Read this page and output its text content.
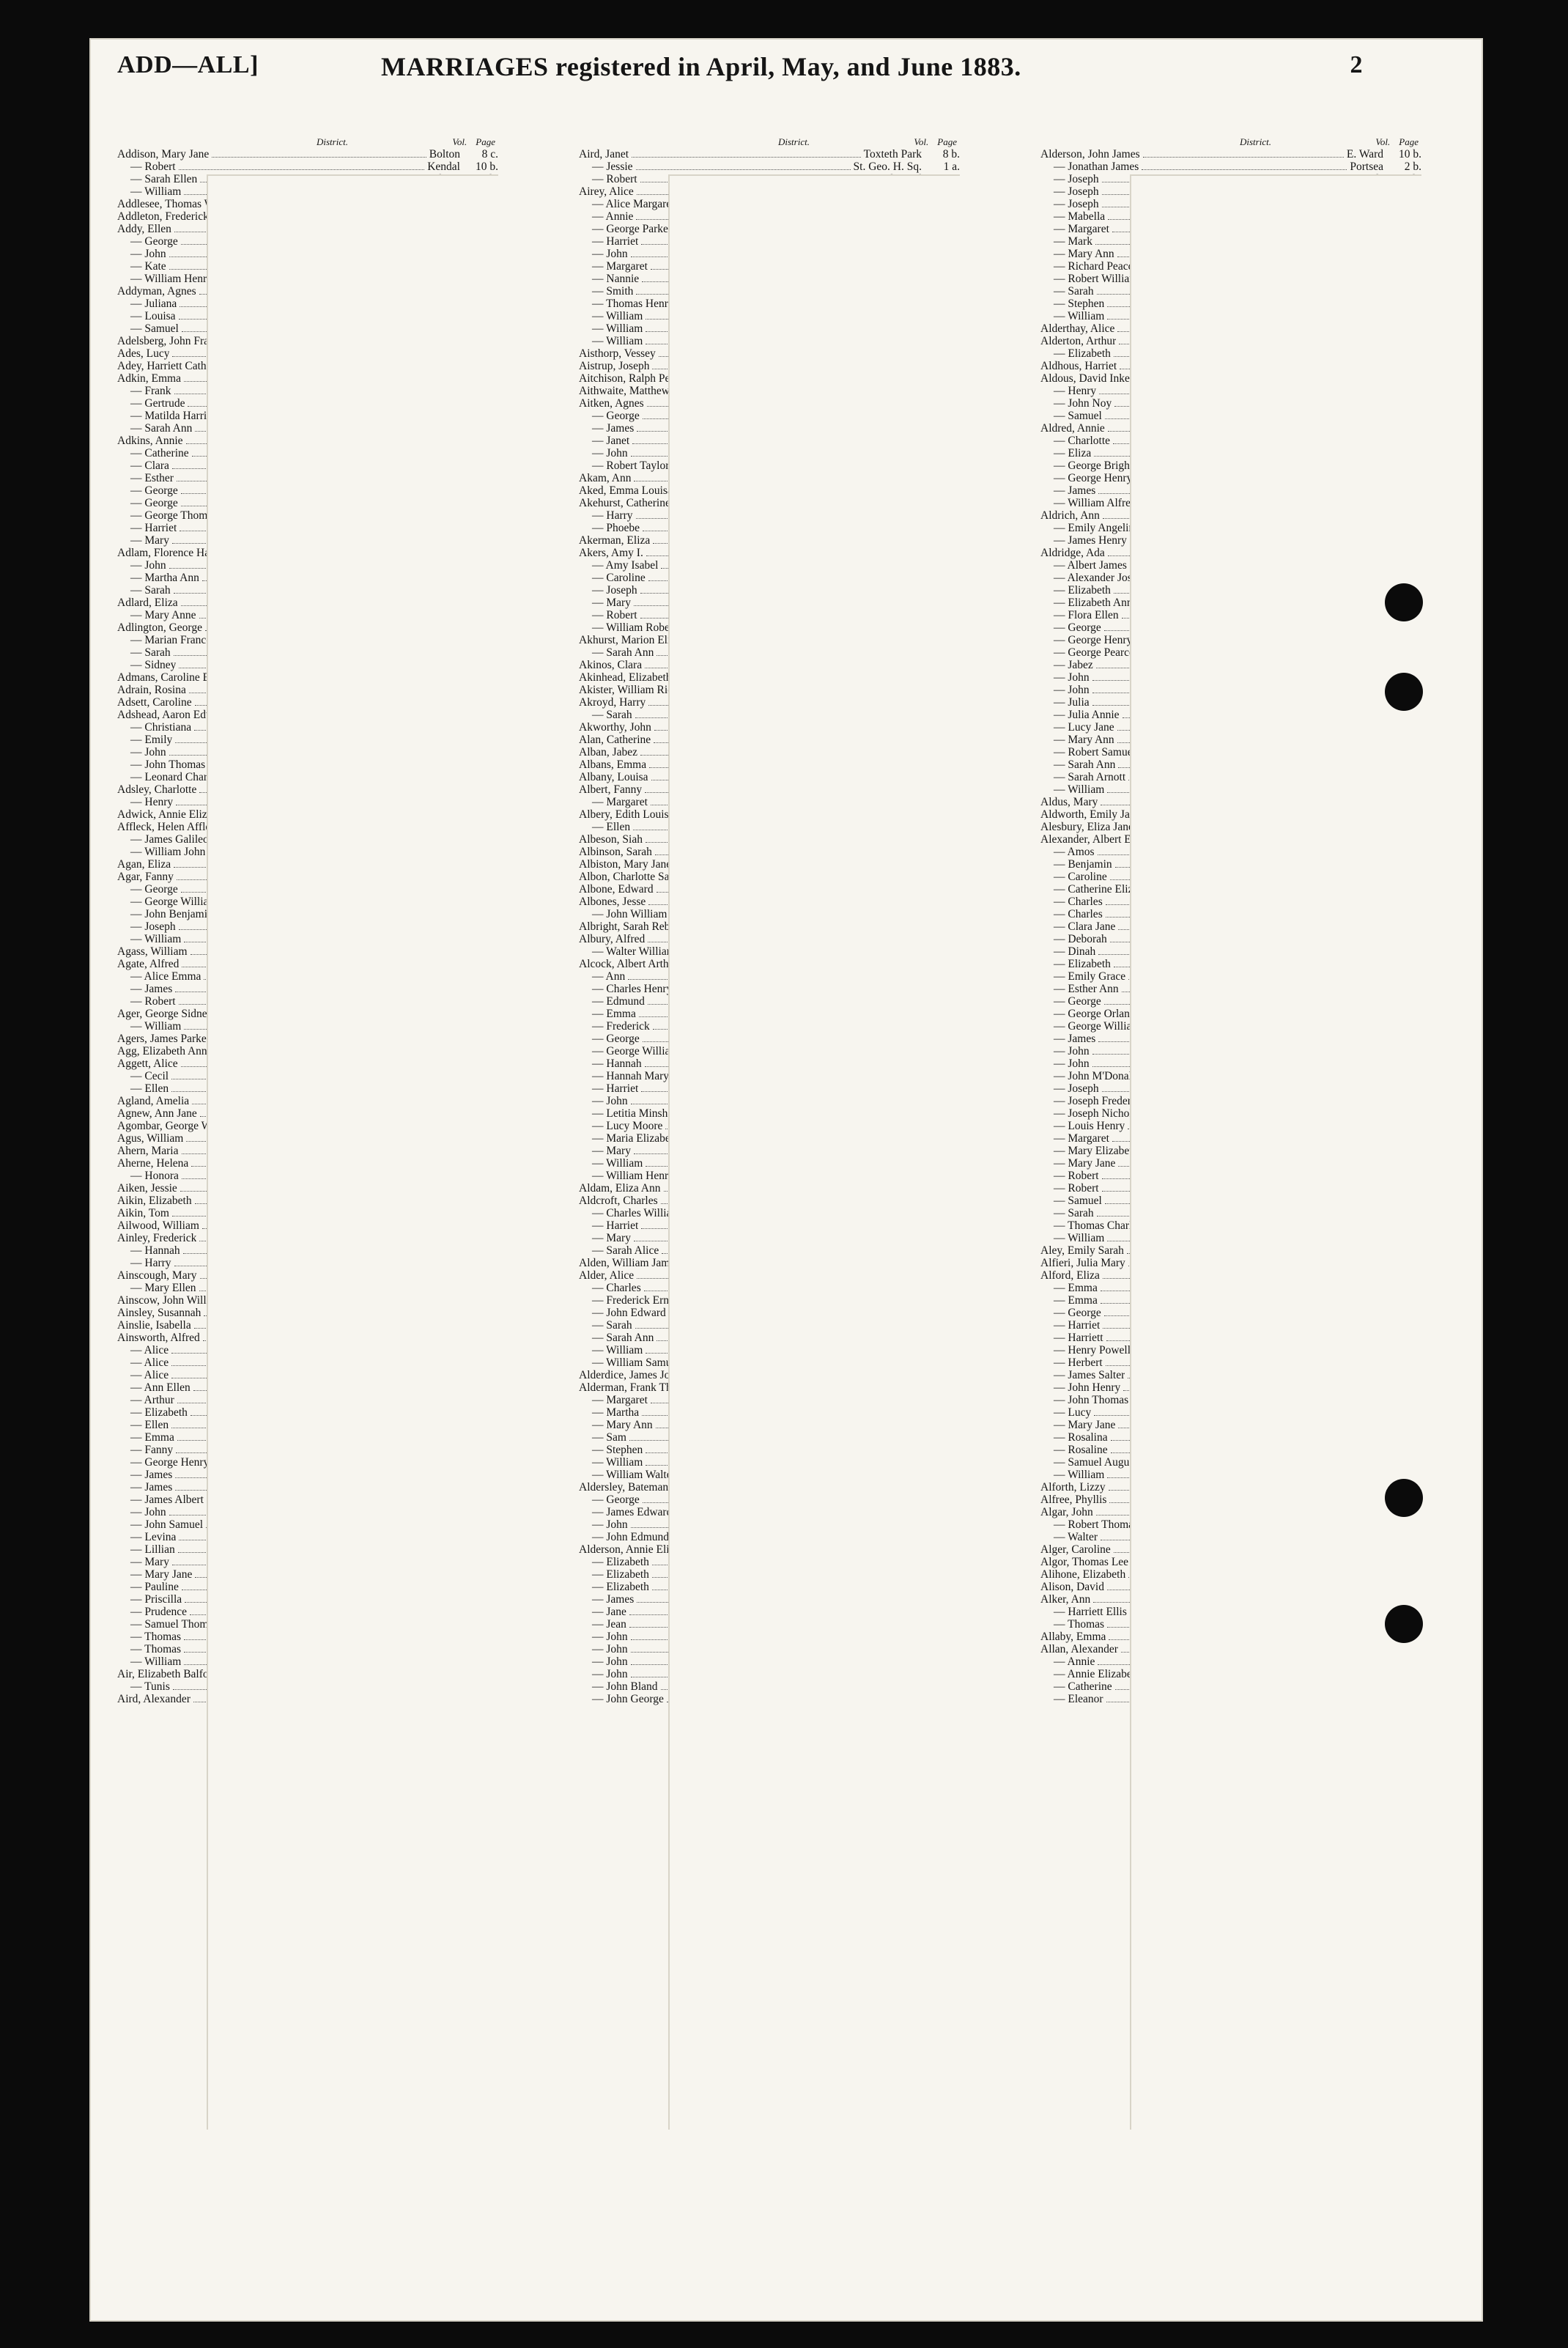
ADD—ALL]	MARRIAGES registered in April, May, and June 1883.	2
District.	Vol. Page
Addison, Mary Jane	Bolton	8 c.
— Robert	Kendal	10 b.
— Sarah Ellen
— William
Addlesee, Thomas William
Addleton, Frederick
Addy, Ellen
— George
— John
— Kate
— William Henry
Addyman, Agnes
— Juliana
— Louisa
— Samuel
Adelsberg, John Frank
Ades, Lucy
Adey, Harriett Catherine
Adkin, Emma
— Frank
— Gertrude
— Matilda Harriet
— Sarah Ann
Adkins, Annie
— Catherine
— Clara
— Esther
— George
— George
— George Thomas
— Harriet
— Mary
Adlam, Florence Harriette C.
— John
— Martha Ann
— Sarah
Adlard, Eliza
— Mary Anne
Adlington, George
— Marian Frances
— Sarah
— Sidney
Admans, Caroline Emily
Adrain, Rosina
Adsett, Caroline
Adshead, Aaron Edward
— Christiana
— Emily
— John
— John Thomas
— Leonard Charles
Adsley, Charlotte
— Henry
Adwick, Annie Elizabeth
Affleck, Helen Affleck
— James Galileo
— William John
Agan, Eliza
Agar, Fanny
— George
— George William
— John Benjamin
— Joseph
— William
Agass, William
Agate, Alfred
— Alice Emma
— James
— Robert
Ager, George Sidney
— William
Agers, James Parker
Agg, Elizabeth Annie
Aggett, Alice
— Cecil
— Ellen
Agland, Amelia
Agnew, Ann Jane
Agombar, George William
Agus, William
Ahern, Maria
Aherne, Helena
— Honora
Aiken, Jessie
Aikin, Elizabeth
Aikin, Tom
Ailwood, William
Ainley, Frederick
— Hannah
— Harry
Ainscough, Mary
— Mary Ellen
Ainscow, John William
Ainsley, Susannah
Ainslie, Isabella
Ainsworth, Alfred
— Alice
— Alice
— Alice
— Ann Ellen
— Arthur
— Elizabeth
— Ellen
— Emma
— Fanny
— George Henry
— James
— James
— James Albert
— John
— John Samuel
— Levina
— Lillian
— Mary
— Mary Jane
— Pauline
— Priscilla
— Prudence
— Samuel Thomas
— Thomas
— Thomas
— William
Air, Elizabeth Balfour
— Tunis
Aird, Alexander
District.	Vol. Page
Aird, Janet	Toxteth Park	8 b.
— Jessie	St. Geo. H. Sq.	1 a.
— Robert
Airey, Alice
— Alice Margaret
— Annie
— George Parke
— Harriet
— John
— Margaret
— Nannie
— Smith
— Thomas Henry
— William
— William
— William
Aisthorp, Vessey
Aistrup, Joseph
Aitchison, Ralph Percy
Aithwaite, Matthew
Aitken, Agnes
— George
— James
— Janet
— John
— Robert Taylor
Akam, Ann
Aked, Emma Louisa
Akehurst, Catherine
— Harry
— Phoebe
Akerman, Eliza
Akers, Amy I.
— Amy Isabel
— Caroline
— Joseph
— Mary
— Robert
— William Robert
Akhurst, Marion Elizabeth
— Sarah Ann
Akinos, Clara
Akinhead, Elizabeth
Akister, William Richard
Akroyd, Harry
— Sarah
Akworthy, John
Alan, Catherine
Alban, Jabez
Albans, Emma
Albany, Louisa
Albert, Fanny
— Margaret
Albery, Edith Louisa
— Ellen
Albeson, Siah
Albinson, Sarah
Albiston, Mary Jane
Albon, Charlotte Sarah
Albone, Edward
Albones, Jesse
— John William
Albright, Sarah Rebecca
Albury, Alfred
— Walter William
Alcock, Albert Arthur
— Ann
— Charles Henry
— Edmund
— Emma
— Frederick
— George
— George William
— Hannah
— Hannah Mary
— Harriet
— John
— Letitia Minshall
— Lucy Moore
— Maria Elizabeth
— Mary
— William
— William Henry
Aldam, Eliza Ann
Aldcroft, Charles
— Charles William
— Harriet
— Mary
— Sarah Alice
Alden, William James
Alder, Alice
— Charles
— Frederick Ernest
— John Edward
— Sarah
— Sarah Ann
— William
— William Samuel
Alderdice, James John
Alderman, Frank Theophilus S.
— Margaret
— Martha
— Mary Ann
— Sam
— Stephen
— William
— William Walter
Aldersley, Bateman
— George
— James Edward
— John
— John Edmund
Alderson, Annie Elizabeth
— Elizabeth
— Elizabeth
— Elizabeth
— James
— Jane
— Jean
— John
— John
— John
— John
— John Bland
— John George
District.	Vol. Page
Alderson, John James	E. Ward	10 b.
— Jonathan James	Portsea	2 b.
— Joseph
— Joseph
— Joseph
— Mabella
— Margaret
— Mark
— Mary Ann
— Richard Peacock
— Robert William
— Sarah
— Stephen
— William
Alderthay, Alice
Alderton, Arthur
— Elizabeth
Aldhous, Harriet
Aldous, David Inkerman
— Henry
— John Noy
— Samuel
Aldred, Annie
— Charlotte
— Eliza
— George Brighton
— George Henry
— James
— William Alfred
Aldrich, Ann
— Emily Angelina
— James Henry
Aldridge, Ada
— Albert James
— Alexander Joseph
— Elizabeth
— Elizabeth Annie
— Flora Ellen
— George
— George Henry
— George Pearce
— Jabez
— John
— John
— Julia
— Julia Annie
— Lucy Jane
— Mary Ann
— Robert Samuel
— Sarah Ann
— Sarah Arnott
— William
Aldus, Mary
Aldworth, Emily Jane
Alesbury, Eliza Jane
Alexander, Albert Edward
— Amos
— Benjamin
— Caroline
— Catherine Eliza
— Charles
— Charles
— Clara Jane
— Deborah
— Dinah
— Elizabeth
— Emily Grace
— Esther Ann
— George
— George Orlando
— George William
— James
— John
— John
— John M'Donald
— Joseph
— Joseph Frederick
— Joseph Nichols
— Louis Henry
— Margaret
— Mary Elizabeth
— Mary Jane
— Robert
— Robert
— Samuel
— Sarah
— Thomas Charles
— William
Aley, Emily Sarah
Alfieri, Julia Mary
Alford, Eliza
— Emma
— Emma
— George
— Harriet
— Harriett
— Henry Powell
— Herbert
— James Salter
— John Henry
— John Thomas
— Lucy
— Mary Jane
— Rosalina
— Rosaline
— Samuel Augustus T.
— William
Alforth, Lizzy
Alfree, Phyllis
Algar, John
— Robert Thomas
— Walter
Alger, Caroline
Algor, Thomas Lee
Alihone, Elizabeth
Alison, David
Alker, Ann
— Harriett Ellis
— Thomas
Allaby, Emma
Allan, Alexander
— Annie
— Annie Elizabeth
— Catherine
— Eleanor
